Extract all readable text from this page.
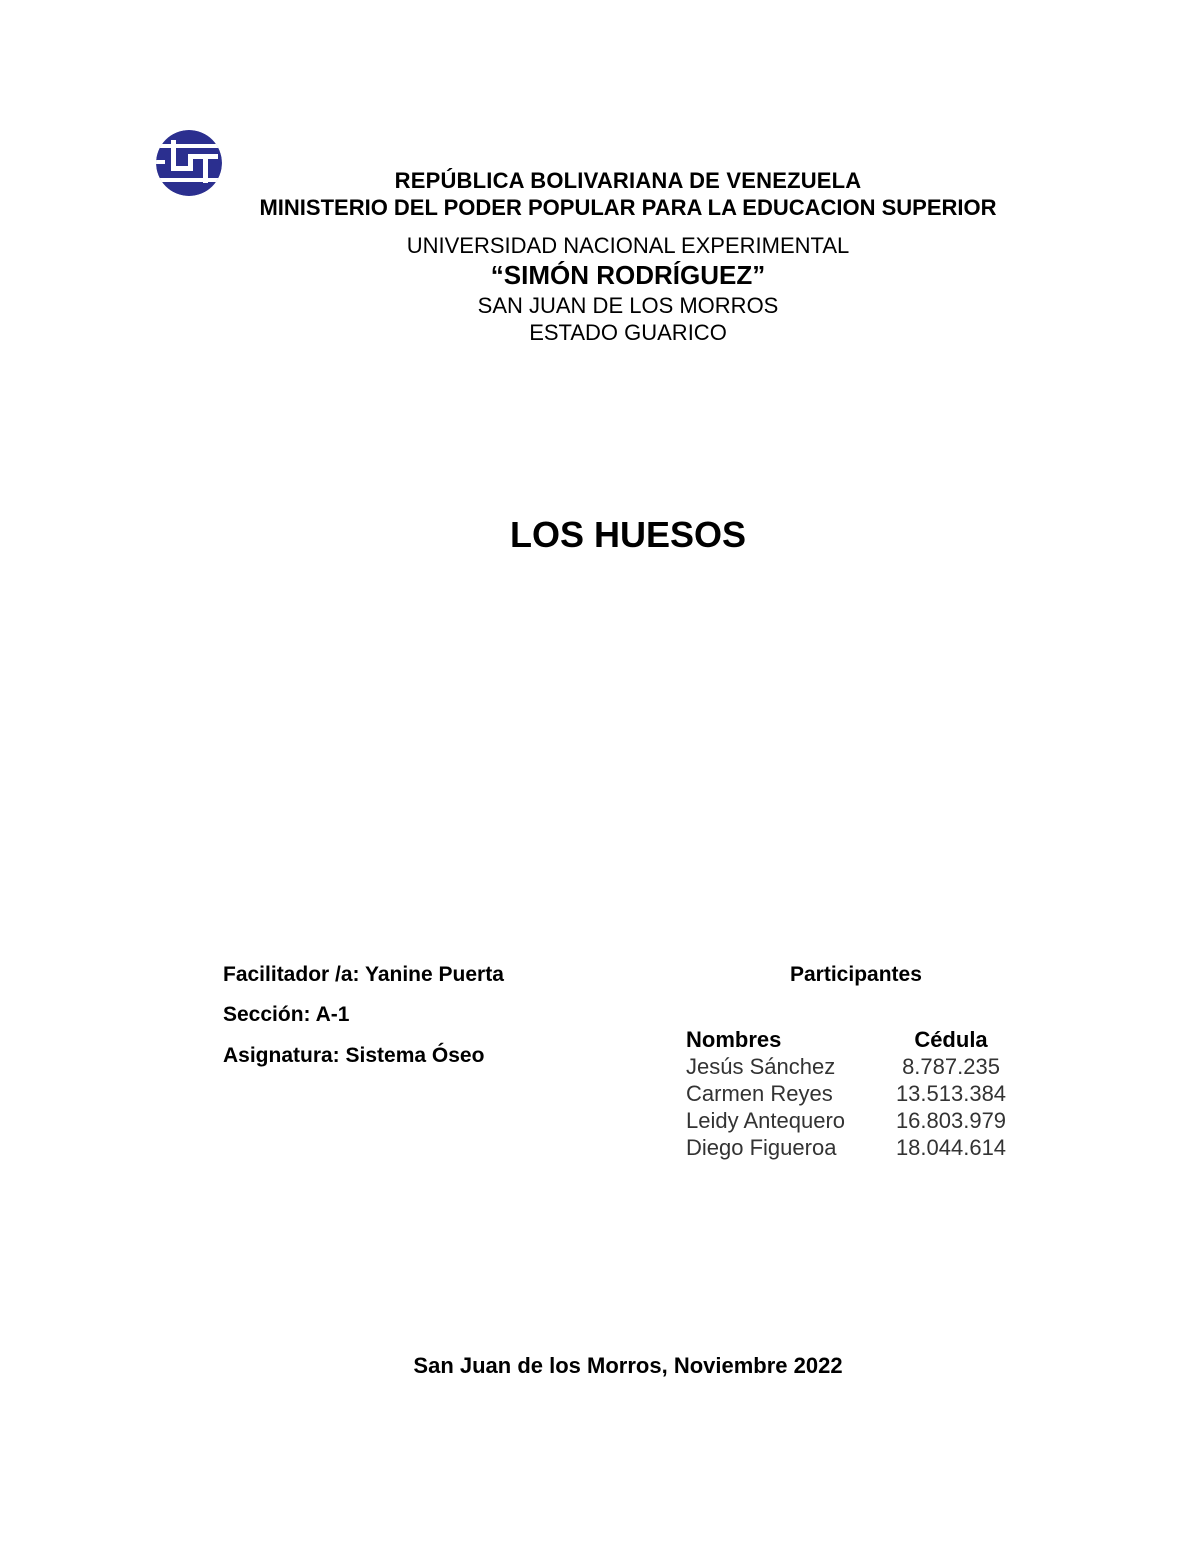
REPÚBLICA BOLIVARIANA DE VENEZUELA
MINISTERIO DEL PODER POPULAR PARA LA EDUCACION SUPERIOR
UNIVERSIDAD NACIONAL EXPERIMENTAL
“SIMÓN RODRÍGUEZ”
SAN JUAN DE LOS MORROS
ESTADO GUARICO
LOS HUESOS
Facilitador /a: Yanine Puerta
Sección: A-1
Asignatura: Sistema Óseo
Participantes
Nombres	Cédula
Jesús Sánchez	8.787.235
Carmen Reyes	13.513.384
Leidy Antequero 16.803.979
Diego Figueroa	18.044.614
San Juan de los Morros, Noviembre 2022
